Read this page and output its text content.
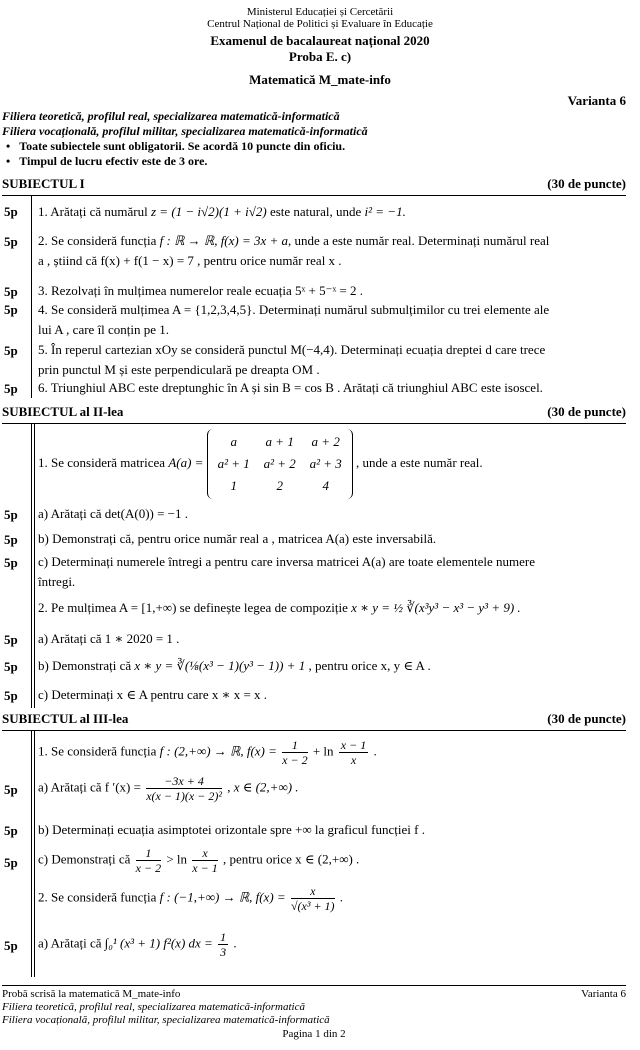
Ministerul Educației și Cercetării
Centrul Național de Politici și Evaluare în Educație
Examenul de bacalaureat național 2020
Proba E. c)
Matematică M_mate-info
Varianta 6
Filiera teoretică, profilul real, specializarea matematică-informatică
Filiera vocațională, profilul militar, specializarea matematică-informatică
•   Toate subiectele sunt obligatorii. Se acordă 10 puncte din oficiu.
•   Timpul de lucru efectiv este de 3 ore.
SUBIECTUL I	(30 de puncte)
5p 1. Arătați că numărul z = (1 − i√2)(1 + i√2) este natural, unde i² = −1.
5p 2. Se consideră funcția f : ℝ → ℝ, f(x) = 3x + a, unde a este număr real. Determinați numărul real
a , știind că f(x) + f(1 − x) = 7 , pentru orice număr real x .
5p 3. Rezolvați în mulțimea numerelor reale ecuația 5ˣ + 5⁻ˣ = 2 .
5p 4. Se consideră mulțimea A = {1,2,3,4,5}. Determinați numărul submulțimilor cu trei elemente ale
lui A , care îl conțin pe 1.
5p 5. În reperul cartezian xOy se consideră punctul M(−4,4). Determinați ecuația dreptei d care trece
prin punctul M și este perpendiculară pe dreapta OM .
5p 6. Triunghiul ABC este dreptunghic în A și sin B = cos B . Arătați că triunghiul ABC este isoscel.
SUBIECTUL al II-lea	(30 de puncte)
1. Se consideră matricea A(a) =
a	a + 1	a + 2
a² + 1	a² + 2	a² + 3
1	2	4
, unde a este număr real.
5p a) Arătați că det(A(0)) = −1 .
5p b) Demonstrați că, pentru orice număr real a , matricea A(a) este inversabilă.
5p c) Determinați numerele întregi a pentru care inversa matricei A(a) are toate elementele numere
întregi.
2. Pe mulțimea A = [1,+∞) se definește legea de compoziție x ∗ y = ½ ∛(x³y³ − x³ − y³ + 9) .
5p a) Arătați că 1 ∗ 2020 = 1 .
5p b) Demonstrați că x ∗ y = ∛(⅛(x³ − 1)(y³ − 1)) + 1 , pentru orice x, y ∈ A .
5p c) Determinați x ∈ A pentru care x ∗ x = x .
SUBIECTUL al III-lea	(30 de puncte)
1. Se consideră funcția f : (2,+∞) → ℝ, $f(x) = \frac{1}{x - 2} + \ln \frac{x - 1}{x}$ .
5p a) Arătați că f $'(x) = \frac{-3x + 4}{\text{x(x − 1)(x − 2)²}}$ , x ∈ (2,+∞) .
5p b) Determinați ecuația asimptotei orizontale spre +∞ la graficul funcției f .
5p c) Demonstrați că $\frac{1}{x - 2} > \ln \frac{x}{x - 1}$ , pentru orice x ∈ (2,+∞) .
2. Se consideră funcția f : (−1,+∞) → ℝ, $f(x) = \frac{x}{\text{√(x³ + 1)}}$ .
5p a) Arătați că ∫₀¹ (x³ + 1) f²(x) dx = $\frac{1}{3}$ .
Probă scrisă la matematică M_mate-info	Varianta 6
Filiera teoretică, profilul real, specializarea matematică-informatică
Filiera vocațională, profilul militar, specializarea matematică-informatică
Pagina 1 din 2
